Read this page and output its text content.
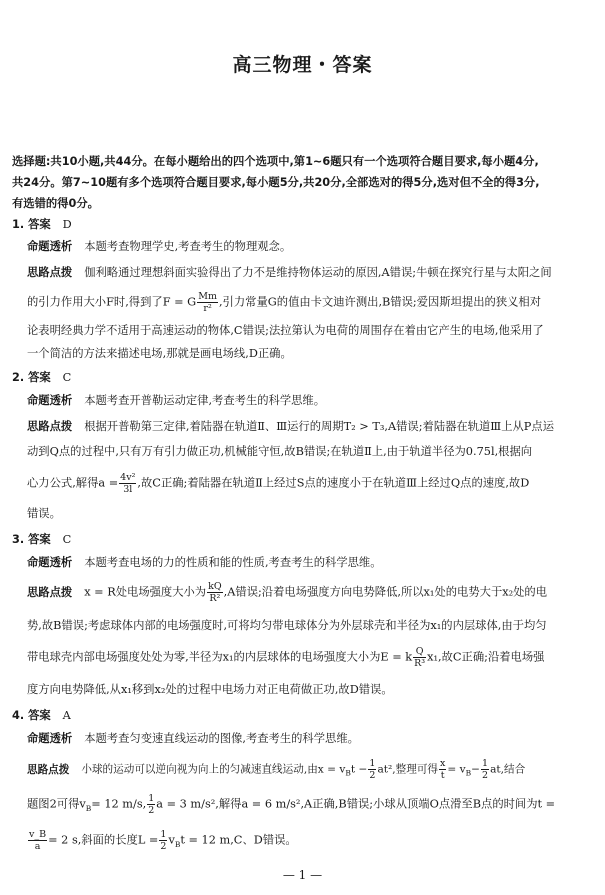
高三物理・答案
选择题:共10小题,共44分。在每小题给出的四个选项中,第1~6题只有一个选项符合题目要求,每小题4分,
共24分。第7~10题有多个选项符合题目要求,每小题5分,共20分,全部选对的得5分,选对但不全的得3分,
有选错的得0分。
1. 答案 D
命题透析 本题考查物理学史,考查考生的物理观念。
思路点拨 伽利略通过理想斜面实验得出了力不是维持物体运动的原因,A错误;牛顿在探究行星与太阳之间
的引力作用大小F时,得到了F = G $\frac{Mm}{\text{r²}}$ ,引力常量G的值由卡文迪许测出,B错误;爱因斯坦提出的狭义相对
论表明经典力学不适用于高速运动的物体,C错误;法拉第认为电荷的周围存在着由它产生的电场,他采用了
一个简洁的方法来描述电场,那就是画电场线,D正确。
2. 答案 C
命题透析 本题考查开普勒运动定律,考查考生的科学思维。
思路点拨 根据开普勒第三定律,着陆器在轨道Ⅱ、Ⅲ运行的周期T₂ > T₃,A错误;着陆器在轨道Ⅲ上从P点运
动到Q点的过程中,只有万有引力做正功,机械能守恒,故B错误;在轨道Ⅱ上,由于轨道半径为0.75l,根据向
心力公式,解得$a = \frac{\text{4v²}}{3l}$ ,故C正确;着陆器在轨道Ⅱ上经过S点的速度小于在轨道Ⅲ上经过Q点的速度,故D
错误。
3. 答案 C
命题透析 本题考查电场的力的性质和能的性质,考查考生的科学思维。
思路点拨 x = R处电场强度大小为 $\frac{kQ}{\text{R²}} ,A$错误;沿着电场强度方向电势降低,所以x₁处的电势大于x₂处的电
势,故B错误;考虑球体内部的电场强度时,可将均匀带电球体分为外层球壳和半径为x₁的内层球体,由于均匀
带电球壳内部电场强度处处为零,半径为x₁的内层球体的电场强度大小为E = k $\frac{Q}{\text{R³}} x_1$,故C正确;沿着电场强
度方向电势降低,从x₁移到x₂处的过程中电场力对正电荷做正功,故D错误。
4. 答案 A
命题透析 本题考查匀变速直线运动的图像,考查考生的科学思维。
思路点拨 小球的运动可以逆向视为向上的匀减速直线运动,由$x = v_Bt - \frac{1}{2} at^2$,整理可得 $\frac{x}{t} = v_B- \frac{1}{2}$ at,结合
题图2可得$v_B= 12$ m/s, $\frac{1}{2}$ a = 3 m/s²,解得a = 6 m/s²,A正确,B错误;小球从顶端O点滑至B点的时间为t =
$\frac{v\_B}{a} = 2$ s,斜面的长度$L = \frac{1}{2} v_Bt = 12$ m,C、D错误。
— 1 —
